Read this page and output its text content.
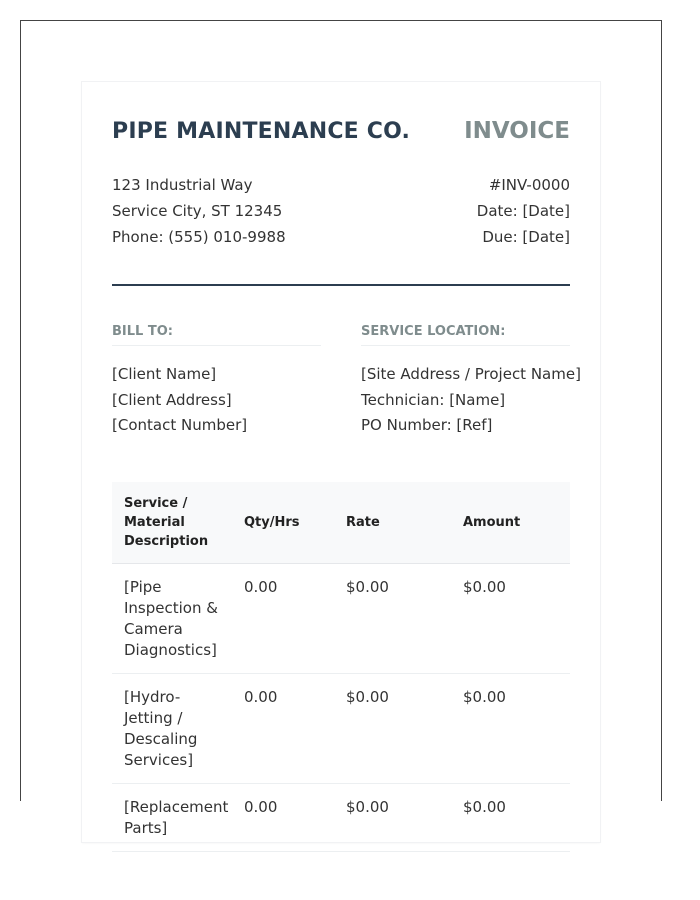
PIPE MAINTENANCE CO. INVOICE
123 Industrial Way
Service City, ST 12345
Phone: (555) 010-9988
#INV-0000
Date: [Date]
Due: [Date]
BILL TO:
[Client Name]
[Client Address]
[Contact Number]
SERVICE LOCATION:
[Site Address / Project Name]
Technician: [Name]
PO Number: [Ref]
Service / Material Description	Qty/Hrs	Rate	Amount
[Pipe Inspection & Camera Diagnostics]	0.00	$0.00	$0.00
[Hydro-Jetting / Descaling Services]	0.00	$0.00	$0.00
[Replacement Parts]	0.00	$0.00	$0.00
